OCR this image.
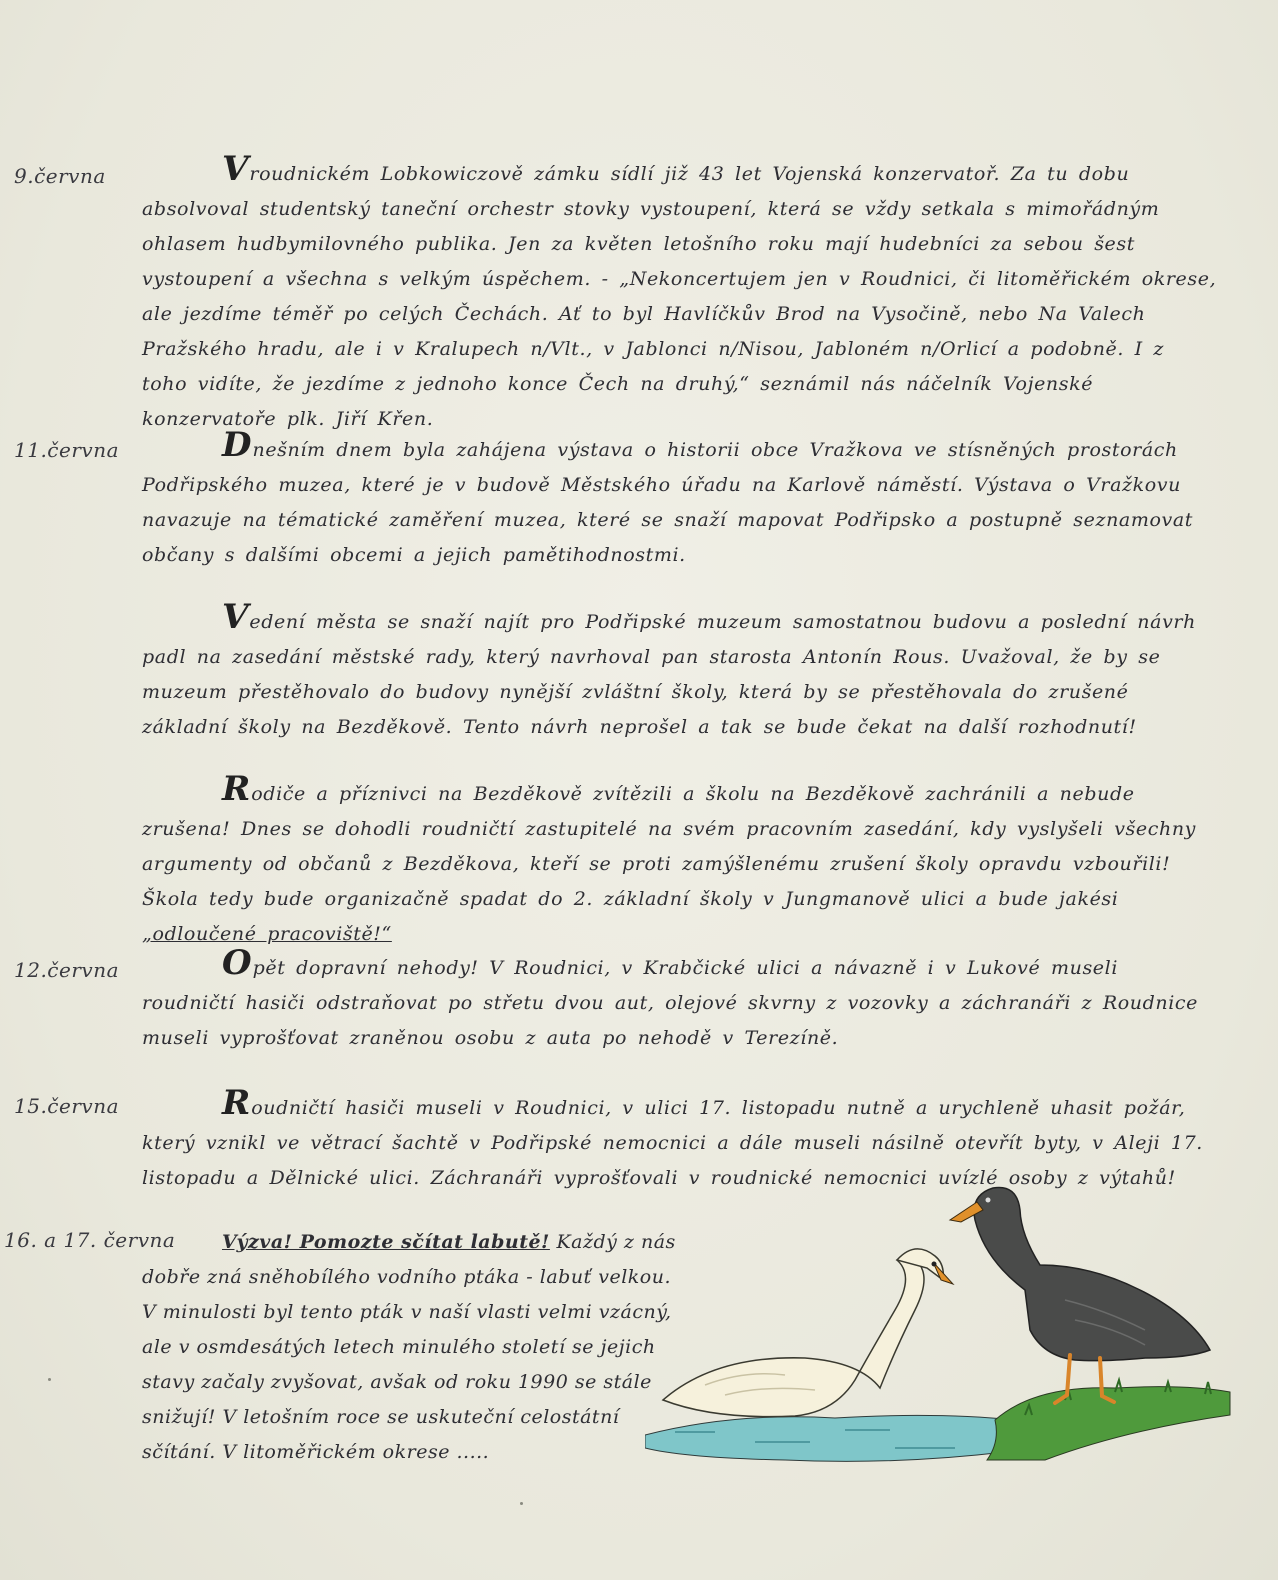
9.června	Vroudnickém Lobkowiczově zámku sídlí již 43 let Vojenská konzervatoř. Za tu dobu absolvoval studentský taneční orchestr stovky vystoupení, která se vždy setkala s mimořádným ohlasem hudbymilovného publika. Jen za květen letošního roku mají hudebníci za sebou šest vystoupení a všechna s velkým úspěchem. - „Nekoncertujem jen v Roudnici, či litoměřickém okrese, ale jezdíme téměř po celých Čechách. Ať to byl Havlíčkův Brod na Vysočině, nebo Na Valech Pražského hradu, ale i v Kralupech n/Vlt., v Jablonci n/Nisou, Jabloném n/Orlicí a podobně. I z toho vidíte, že jezdíme z jednoho konce Čech na druhý,“ seznámil nás náčelník Vojenské konzervatoře plk. Jiří Křen.

11.června	Dnešním dnem byla zahájena výstava o historii obce Vražkova ve stísněných prostorách Podřipského muzea, které je v budově Městského úřadu na Karlově náměstí. Výstava o Vražkovu navazuje na tématické zaměření muzea, které se snaží mapovat Podřipsko a postupně seznamovat občany s dalšími obcemi a jejich pamětihodnostmi.

Vedení města se snaží najít pro Podřipské muzeum samostatnou budovu a poslední návrh padl na zasedání městské rady, který navrhoval pan starosta Antonín Rous. Uvažoval, že by se muzeum přestěhovalo do budovy nynější zvláštní školy, která by se přestěhovala do zrušené základní školy na Bezděkově. Tento návrh neprošel a tak se bude čekat na další rozhodnutí!

Rodiče a příznivci na Bezděkově zvítězili a školu na Bezděkově zachránili a nebude zrušena! Dnes se dohodli roudničtí zastupitelé na svém pracovním zasedání, kdy vyslyšeli všechny argumenty od občanů z Bezděkova, kteří se proti zamýšlenému zrušení školy opravdu vzbouřili! Škola tedy bude organizačně spadat do 2. základní školy v Jungmanově ulici a bude jakési „odloučené pracoviště!“

12.června	Opět dopravní nehody! V Roudnici, v Krabčické ulici a návazně i v Lukové museli roudničtí hasiči odstraňovat po střetu dvou aut, olejové skvrny z vozovky a záchranáři z Roudnice museli vyprošťovat zraněnou osobu z auta po nehodě v Terezíně.

15.června	Roudničtí hasiči museli v Roudnici, v ulici 17. listopadu nutně a urychleně uhasit požár, který vznikl ve větrací šachtě v Podřipské nemocnici a dále museli násilně otevřít byty, v Aleji 17. listopadu a Dělnické ulici. Záchranáři vyprošťovali v roudnické nemocnici uvízlé osoby z výtahů!

16. a 17. června	Výzva! Pomozte sčítat labutě! Každý z nás dobře zná sněhobílého vodního ptáka - labuť velkou. V minulosti byl tento pták v naší vlasti velmi vzácný, ale v osmdesátých letech minulého století se jejich stavy začaly zvyšovat, avšak od roku 1990 se stále snižují! V letošním roce se uskuteční celostátní sčítání. V litoměřickém okrese .....
